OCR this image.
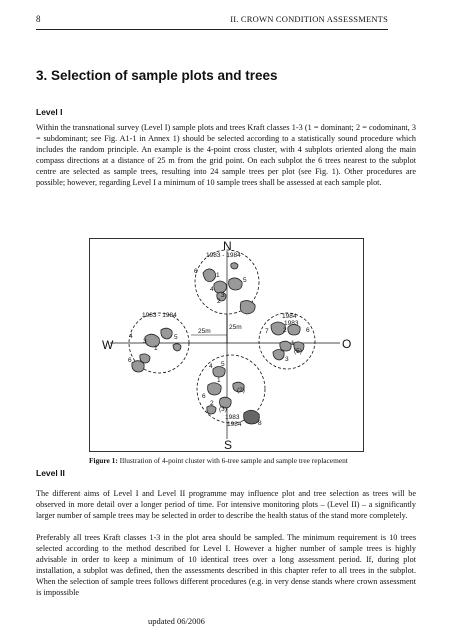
8	II. CROWN CONDITION ASSESSMENTS
3. Selection of sample plots and trees
Level I

Within the transnational survey (Level I) sample plots and trees Kraft classes 1-3 (1 = dominant; 2 = codominant, 3 = subdominant; see Fig. A1-1 in Annex 1) should be selected according to a statistically sound procedure which includes the random principle. An example is the 4-point cross cluster, with 4 subplots oriented along the main compass directions at a distance of 25 m from the grid point. On each subplot the 6 trees nearest to the subplot centre are selected as sample trees, resulting into 24 sample trees per plot (see Fig. 1). Other procedures are possible; however, regarding Level I a minimum of 10 sample trees shall be assessed at each sample plot.

N
S
W	O
25m
25m
1983 - 1984
1983 - 1984	1984
1983
1983
1984
6
1
4
3
2
5
4	5
3
1
6
7 2
1
(5)
6
3
4 5
1
(2)
6
(3)
2
8
Figure 1: Illustration of 4-point cluster with 6-tree sample and sample tree replacement
Level II

The different aims of Level I and Level II programme may influence plot and tree selection as trees will be observed in more detail over a longer period of time. For intensive monitoring plots – (Level II) – a significantly larger number of sample trees may be selected in order to describe the health status of the stand more completely.

Preferably all trees Kraft classes 1-3 in the plot area should be sampled. The minimum requirement is 10 trees selected according to the method described for Level I. However a higher number of sample trees is highly advisable in order to keep a minimum of 10 identical trees over a long assessment period. If, during plot installation, a subplot was defined, then the assessments described in this chapter refer to all trees in the subplot. When the selection of sample trees follows different procedures (e.g. in very dense stands where crown assessment is impossible

updated 06/2006
